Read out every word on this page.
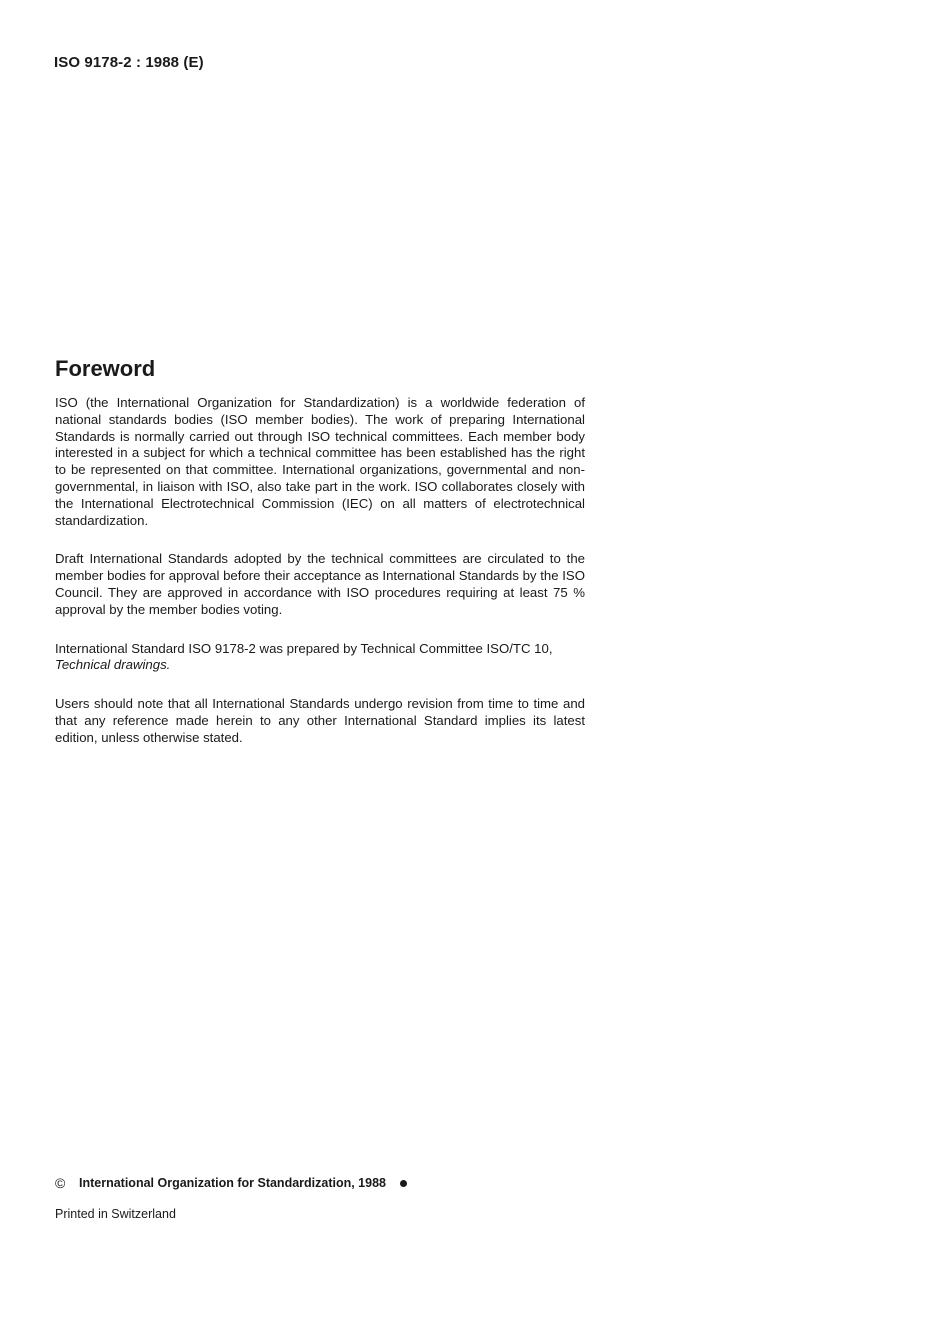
ISO 9178-2 : 1988 (E)
Foreword

ISO (the International Organization for Standardization) is a worldwide federation of national standards bodies (ISO member bodies). The work of preparing International Standards is normally carried out through ISO technical committees. Each member body interested in a subject for which a technical committee has been established has the right to be represented on that committee. International organizations, governmental and non-governmental, in liaison with ISO, also take part in the work. ISO collaborates closely with the International Electrotechnical Commission (IEC) on all matters of electrotechnical standardization.

Draft International Standards adopted by the technical committees are circulated to the member bodies for approval before their acceptance as International Standards by the ISO Council. They are approved in accordance with ISO procedures requiring at least 75 % approval by the member bodies voting.

International Standard ISO 9178-2 was prepared by Technical Committee ISO/TC 10,
Technical drawings.

Users should note that all International Standards undergo revision from time to time and that any reference made herein to any other International Standard implies its latest edition, unless otherwise stated.

©	International Organization for Standardization, 1988
Printed in Switzerland
